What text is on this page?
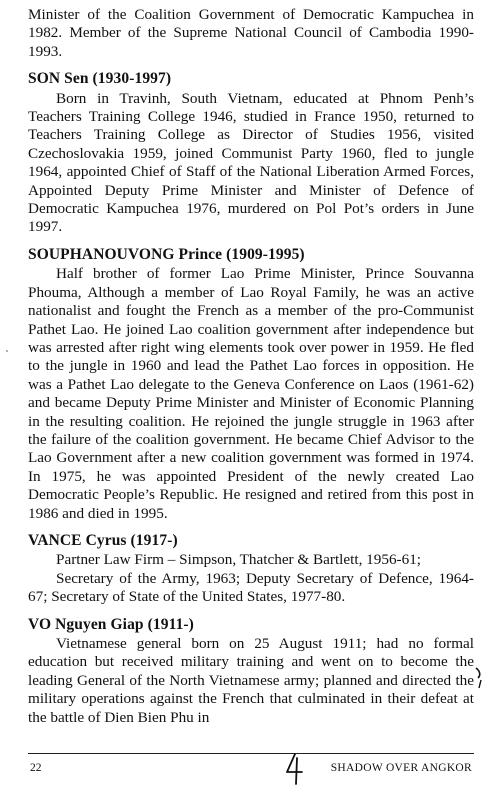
Minister of the Coalition Government of Democratic Kampuchea in 1982. Member of the Supreme National Council of Cambodia 1990-1993.

SON Sen (1930-1997)

Born in Travinh, South Vietnam, educated at Phnom Penh’s Teachers Training College 1946, studied in France 1950, returned to Teachers Training College as Director of Studies 1956, visited Czechoslovakia 1959, joined Communist Party 1960, fled to jungle 1964, appointed Chief of Staff of the National Liberation Armed Forces, Appointed Deputy Prime Minister and Minister of Defence of Democratic Kampuchea 1976, murdered on Pol Pot’s orders in June 1997.

SOUPHANOUVONG Prince (1909-1995)

Half brother of former Lao Prime Minister, Prince Souvanna Phouma, Although a member of Lao Royal Family, he was an active nationalist and fought the French as a member of the pro-Communist Pathet Lao. He joined Lao coalition government after independence but was arrested after right wing elements took over power in 1959. He fled to the jungle in 1960 and lead the Pathet Lao forces in opposition. He was a Pathet Lao delegate to the Geneva Conference on Laos (1961-62) and became Deputy Prime Minister and Minister of Economic Planning in the resulting coalition. He rejoined the jungle struggle in 1963 after the failure of the coalition government. He became Chief Advisor to the Lao Government after a new coalition government was formed in 1974. In 1975, he was appointed President of the newly created Lao Democratic People’s Republic. He resigned and retired from this post in 1986 and died in 1995.

VANCE Cyrus (1917-)

Partner Law Firm – Simpson, Thatcher & Bartlett, 1956-61;

Secretary of the Army, 1963; Deputy Secretary of Defence, 1964-67; Secretary of State of the United States, 1977-80.

VO Nguyen Giap (1911-)

Vietnamese general born on 25 August 1911; had no formal education but received military training and went on to become the leading General of the North Vietnamese army; planned and directed the military operations against the French that culminated in their defeat at the battle of Dien Bien Phu in

22	SHADOW OVER ANGKOR
